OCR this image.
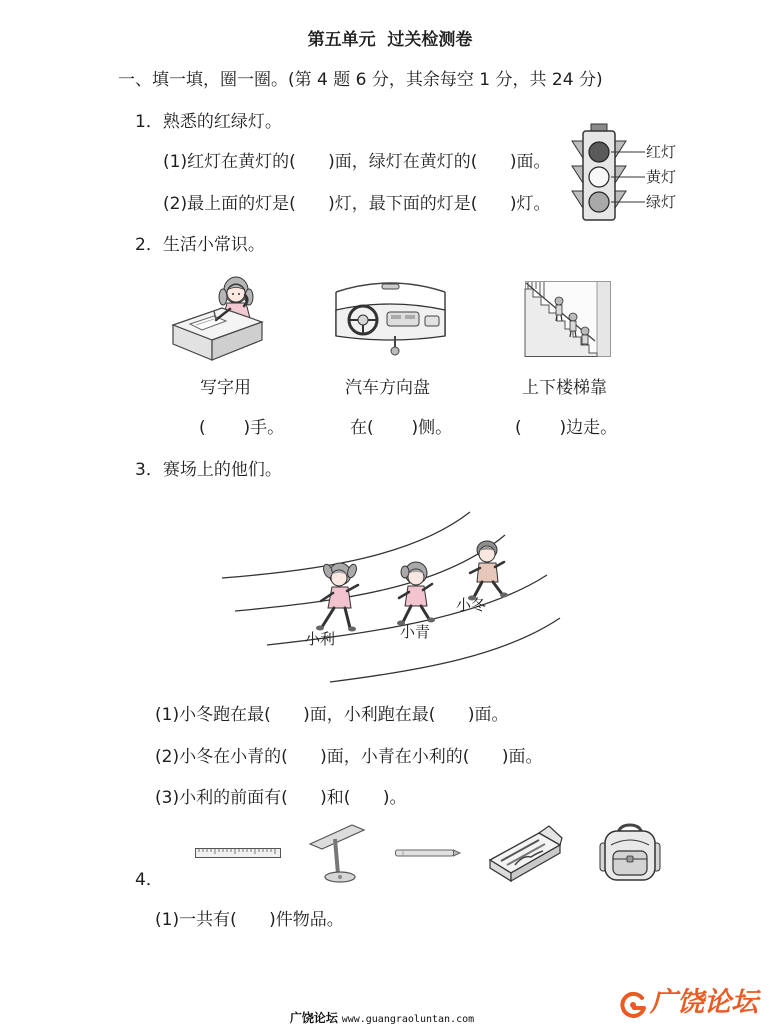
第五单元  过关检测卷
一、填一填，圈一圈。(第 4 题 6 分，其余每空 1 分，共 24 分)
1．熟悉的红绿灯。
(1)红灯在黄灯的(      )面，绿灯在黄灯的(      )面。
(2)最上面的灯是(      )灯，最下面的灯是(      )灯。
红灯
黄灯
绿灯
2．生活小常识。
写字用	汽车方向盘	上下楼梯靠
(       )手。	在(       )侧。	(       )边走。
3．赛场上的他们。
小利	小青
小冬
(1)小冬跑在最(      )面，小利跑在最(      )面。
(2)小冬在小青的(      )面，小青在小利的(      )面。
(3)小利的前面有(      )和(      )。
4．
(1)一共有(      )件物品。
广饶论坛 www.guangraoluntan.com
广饶论坛
